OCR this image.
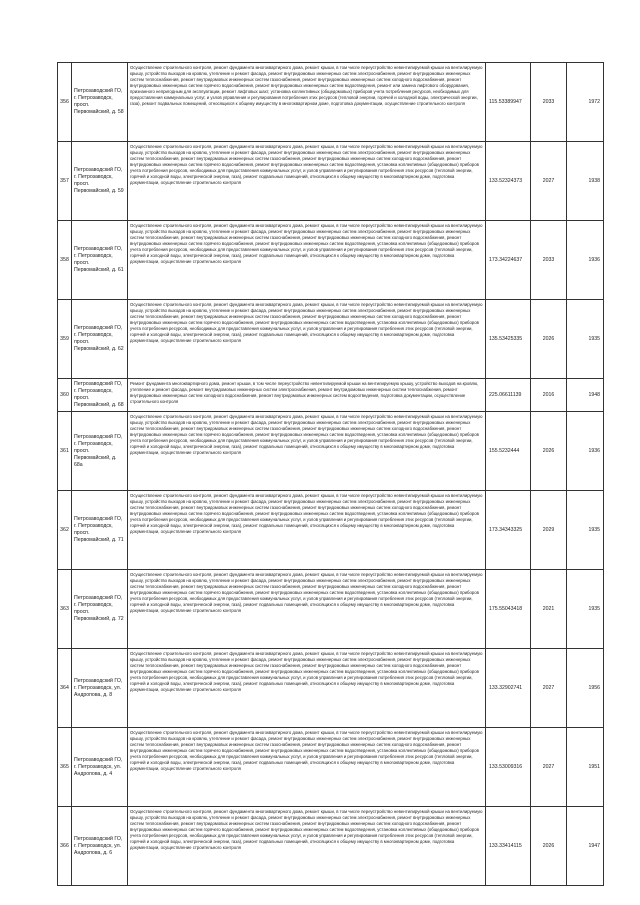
356	Петрозаводский ГО, г. Петрозаводск, просп. Первомайский, д. 58	Осуществление строительного контроля, ремонт фундамента многоквартирного дома, ремонт крыши, в том числе переустройство невентилируемой крыши на вентилируемую крышу, устройство выходов на кровлю, утепление и ремонт фасада, ремонт внутридомовых инженерных систем электроснабжения, ремонт внутридомовых инженерных систем теплоснабжения, ремонт внутридомовых инженерных систем газоснабжения, ремонт внутридомовых инженерных систем холодного водоснабжения, ремонт внутридомовых инженерных систем горячего водоснабжения, ремонт внутридомовых инженерных систем водоотведения, ремонт или замена лифтового оборудования, признанного непригодным для эксплуатации, ремонт лифтовых шахт, установка коллективных (общедомовых) приборов учета потребления ресурсов, необходимых для предоставления коммунальных услуг, и узлов управления и регулирования потребления этих ресурсов (тепловой энергии, горячей и холодной воды, электрической энергии, газа), ремонт подвальных помещений, относящихся к общему имуществу в многоквартирном доме, подготовка документации, осуществление строительного контроля	115.53389947	2033	1972
357	Петрозаводский ГО, г. Петрозаводск, просп. Первомайский, д. 59	Осуществление строительного контроля, ремонт фундамента многоквартирного дома, ремонт крыши, в том числе переустройство невентилируемой крыши на вентилируемую крышу, устройство выходов на кровлю, утепление и ремонт фасада, ремонт внутридомовых инженерных систем электроснабжения, ремонт внутридомовых инженерных систем теплоснабжения, ремонт внутридомовых инженерных систем газоснабжения, ремонт внутридомовых инженерных систем холодного водоснабжения, ремонт внутридомовых инженерных систем горячего водоснабжения, ремонт внутридомовых инженерных систем водоотведения, установка коллективных (общедомовых) приборов учета потребления ресурсов, необходимых для предоставления коммунальных услуг, и узлов управления и регулирования потребления этих ресурсов (тепловой энергии, горячей и холодной воды, электрической энергии, газа), ремонт подвальных помещений, относящихся к общему имуществу в многоквартирном доме, подготовка документации, осуществление строительного контроля	133.52324373	2027	1938
358	Петрозаводский ГО, г. Петрозаводск, просп. Первомайский, д. 61	Осуществление строительного контроля, ремонт фундамента многоквартирного дома, ремонт крыши, в том числе переустройство невентилируемой крыши на вентилируемую крышу, устройство выходов на кровлю, утепление и ремонт фасада, ремонт внутридомовых инженерных систем электроснабжения, ремонт внутридомовых инженерных систем теплоснабжения, ремонт внутридомовых инженерных систем газоснабжения, ремонт внутридомовых инженерных систем холодного водоснабжения, ремонт внутридомовых инженерных систем горячего водоснабжения, ремонт внутридомовых инженерных систем водоотведения, установка коллективных (общедомовых) приборов учета потребления ресурсов, необходимых для предоставления коммунальных услуг, и узлов управления и регулирования потребления этих ресурсов (тепловой энергии, горячей и холодной воды, электрической энергии, газа), ремонт подвальных помещений, относящихся к общему имуществу в многоквартирном доме, подготовка документации, осуществление строительного контроля	173.34224637	2033	1936
359	Петрозаводский ГО, г. Петрозаводск, просп. Первомайский, д. 62	Осуществление строительного контроля, ремонт фундамента многоквартирного дома, ремонт крыши, в том числе переустройство невентилируемой крыши на вентилируемую крышу, устройство выходов на кровлю, утепление и ремонт фасада, ремонт внутридомовых инженерных систем электроснабжения, ремонт внутридомовых инженерных систем теплоснабжения, ремонт внутридомовых инженерных систем газоснабжения, ремонт внутридомовых инженерных систем холодного водоснабжения, ремонт внутридомовых инженерных систем горячего водоснабжения, ремонт внутридомовых инженерных систем водоотведения, установка коллективных (общедомовых) приборов учета потребления ресурсов, необходимых для предоставления коммунальных услуг, и узлов управления и регулирования потребления этих ресурсов (тепловой энергии, горячей и холодной воды, электрической энергии, газа), ремонт подвальных помещений, относящихся к общему имуществу в многоквартирном доме, подготовка документации, осуществление строительного контроля	135.53425335	2026	1935
360	Петрозаводский ГО, г. Петрозаводск, просп. Первомайский, д. 68	Ремонт фундамента многоквартирного дома, ремонт крыши, в том числе переустройство невентилируемой крыши на вентилируемую крышу, устройство выходов на кровлю, утепление и ремонт фасада, ремонт внутридомовых инженерных систем электроснабжения, ремонт внутридомовых инженерных систем теплоснабжения, ремонт внутридомовых инженерных систем холодного водоснабжения, ремонт внутридомовых инженерных систем водоотведения, подготовка документации, осуществление строительного контроля	225.06611139	2016	1948
361	Петрозаводский ГО, г. Петрозаводск, просп. Первомайский, д. 68а	Осуществление строительного контроля, ремонт фундамента многоквартирного дома, ремонт крыши, в том числе переустройство невентилируемой крыши на вентилируемую крышу, устройство выходов на кровлю, утепление и ремонт фасада, ремонт внутридомовых инженерных систем электроснабжения, ремонт внутридомовых инженерных систем теплоснабжения, ремонт внутридомовых инженерных систем газоснабжения, ремонт внутридомовых инженерных систем холодного водоснабжения, ремонт внутридомовых инженерных систем горячего водоснабжения, ремонт внутридомовых инженерных систем водоотведения, установка коллективных (общедомовых) приборов учета потребления ресурсов, необходимых для предоставления коммунальных услуг, и узлов управления и регулирования потребления этих ресурсов (тепловой энергии, горячей и холодной воды, электрической энергии, газа), ремонт подвальных помещений, относящихся к общему имуществу в многоквартирном доме, подготовка документации, осуществление строительного контроля	155.5232444	2026	1936
362	Петрозаводский ГО, г. Петрозаводск, просп. Первомайский, д. 71	Осуществление строительного контроля, ремонт фундамента многоквартирного дома, ремонт крыши, в том числе переустройство невентилируемой крыши на вентилируемую крышу, устройство выходов на кровлю, утепление и ремонт фасада, ремонт внутридомовых инженерных систем электроснабжения, ремонт внутридомовых инженерных систем теплоснабжения, ремонт внутридомовых инженерных систем газоснабжения, ремонт внутридомовых инженерных систем холодного водоснабжения, ремонт внутридомовых инженерных систем горячего водоснабжения, ремонт внутридомовых инженерных систем водоотведения, установка коллективных (общедомовых) приборов учета потребления ресурсов, необходимых для предоставления коммунальных услуг, и узлов управления и регулирования потребления этих ресурсов (тепловой энергии, горячей и холодной воды, электрической энергии, газа), ремонт подвальных помещений, относящихся к общему имуществу в многоквартирном доме, подготовка документации, осуществление строительного контроля	173.34343325	2029	1935
363	Петрозаводский ГО, г. Петрозаводск, просп. Первомайский, д. 72	Осуществление строительного контроля, ремонт фундамента многоквартирного дома, ремонт крыши, в том числе переустройство невентилируемой крыши на вентилируемую крышу, устройство выходов на кровлю, утепление и ремонт фасада, ремонт внутридомовых инженерных систем электроснабжения, ремонт внутридомовых инженерных систем теплоснабжения, ремонт внутридомовых инженерных систем газоснабжения, ремонт внутридомовых инженерных систем холодного водоснабжения, ремонт внутридомовых инженерных систем горячего водоснабжения, ремонт внутридомовых инженерных систем водоотведения, установка коллективных (общедомовых) приборов учета потребления ресурсов, необходимых для предоставления коммунальных услуг, и узлов управления и регулирования потребления этих ресурсов (тепловой энергии, горячей и холодной воды, электрической энергии, газа), ремонт подвальных помещений, относящихся к общему имуществу в многоквартирном доме, подготовка документации, осуществление строительного контроля	175.55043418	2021	1935
364	Петрозаводский ГО, г. Петрозаводск, ул. Андропова, д. 8	Осуществление строительного контроля, ремонт фундамента многоквартирного дома, ремонт крыши, в том числе переустройство невентилируемой крыши на вентилируемую крышу, устройство выходов на кровлю, утепление и ремонт фасада, ремонт внутридомовых инженерных систем электроснабжения, ремонт внутридомовых инженерных систем теплоснабжения, ремонт внутридомовых инженерных систем газоснабжения, ремонт внутридомовых инженерных систем холодного водоснабжения, ремонт внутридомовых инженерных систем горячего водоснабжения, ремонт внутридомовых инженерных систем водоотведения, установка коллективных (общедомовых) приборов учета потребления ресурсов, необходимых для предоставления коммунальных услуг, и узлов управления и регулирования потребления этих ресурсов (тепловой энергии, горячей и холодной воды, электрической энергии, газа), ремонт подвальных помещений, относящихся к общему имуществу в многоквартирном доме, подготовка документации, осуществление строительного контроля	133.32902741	2027	1956
365	Петрозаводский ГО, г. Петрозаводск, ул. Андропова, д. 4	Осуществление строительного контроля, ремонт фундамента многоквартирного дома, ремонт крыши, в том числе переустройство невентилируемой крыши на вентилируемую крышу, устройство выходов на кровлю, утепление и ремонт фасада, ремонт внутридомовых инженерных систем электроснабжения, ремонт внутридомовых инженерных систем теплоснабжения, ремонт внутридомовых инженерных систем газоснабжения, ремонт внутридомовых инженерных систем холодного водоснабжения, ремонт внутридомовых инженерных систем горячего водоснабжения, ремонт внутридомовых инженерных систем водоотведения, установка коллективных (общедомовых) приборов учета потребления ресурсов, необходимых для предоставления коммунальных услуг, и узлов управления и регулирования потребления этих ресурсов (тепловой энергии, горячей и холодной воды, электрической энергии, газа), ремонт подвальных помещений, относящихся к общему имуществу в многоквартирном доме, подготовка документации, осуществление строительного контроля	133.53009316	2027	1951
366	Петрозаводский ГО, г. Петрозаводск, ул. Андропова, д. 6	Осуществление строительного контроля, ремонт фундамента многоквартирного дома, ремонт крыши, в том числе переустройство невентилируемой крыши на вентилируемую крышу, устройство выходов на кровлю, утепление и ремонт фасада, ремонт внутридомовых инженерных систем электроснабжения, ремонт внутридомовых инженерных систем теплоснабжения, ремонт внутридомовых инженерных систем газоснабжения, ремонт внутридомовых инженерных систем холодного водоснабжения, ремонт внутридомовых инженерных систем горячего водоснабжения, ремонт внутридомовых инженерных систем водоотведения, установка коллективных (общедомовых) приборов учета потребления ресурсов, необходимых для предоставления коммунальных услуг, и узлов управления и регулирования потребления этих ресурсов (тепловой энергии, горячей и холодной воды, электрической энергии, газа), ремонт подвальных помещений, относящихся к общему имуществу в многоквартирном доме, подготовка документации, осуществление строительного контроля	133.33414115	2026	1947
